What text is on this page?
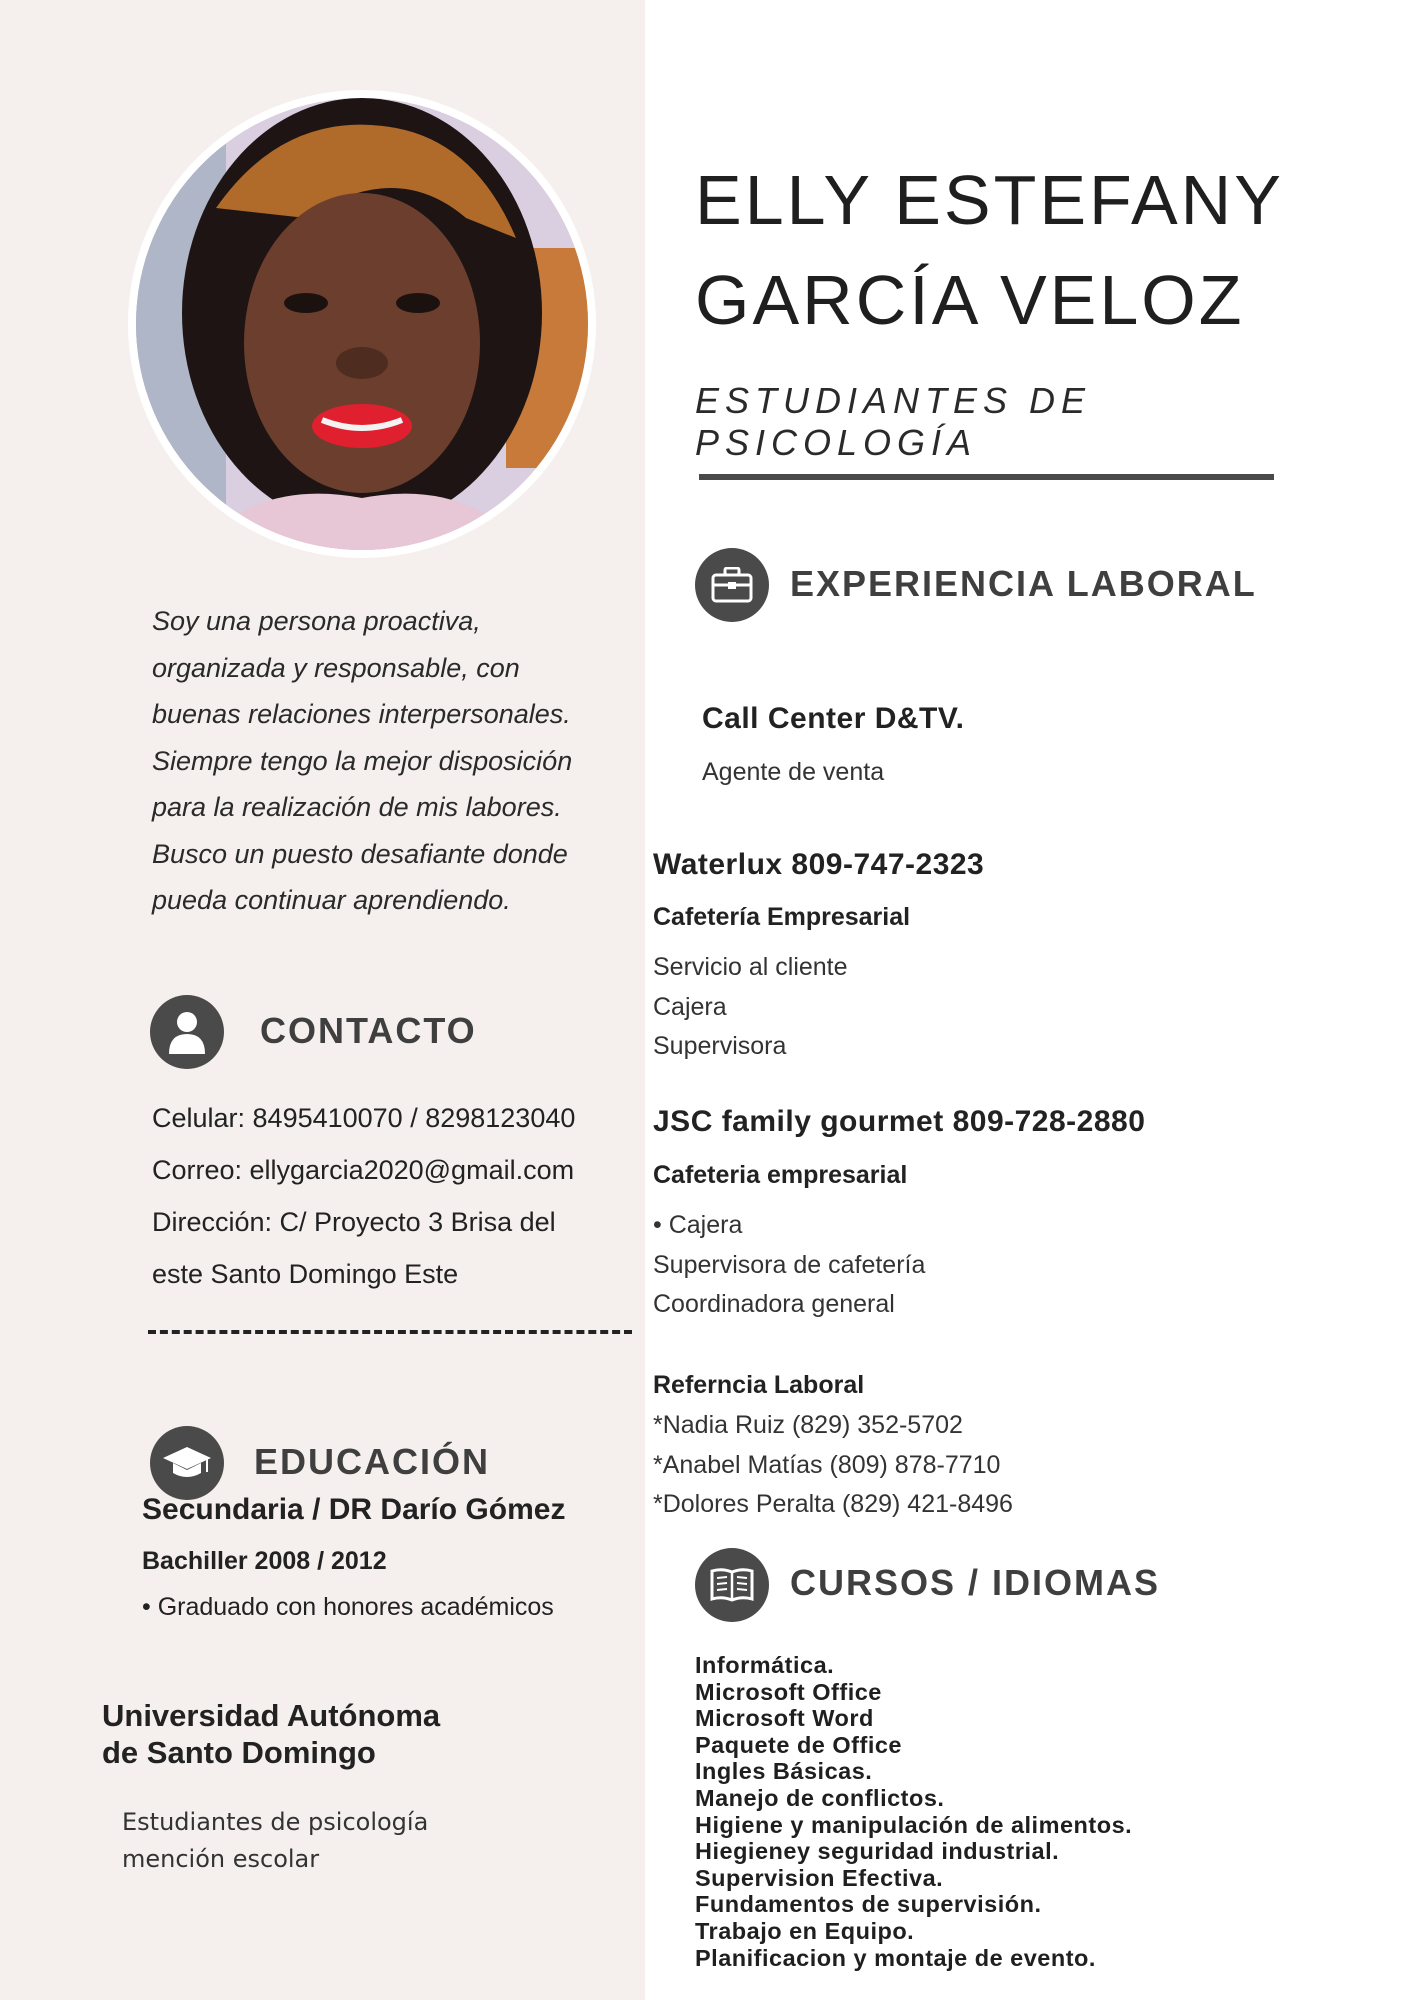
ELLY ESTEFANY
GARCÍA VELOZ
ESTUDIANTES DE
PSICOLOGÍA
Soy una persona proactiva,
organizada y responsable, con
buenas relaciones interpersonales.
Siempre tengo la mejor disposición
para la realización de mis labores.
Busco un puesto desafiante donde
pueda continuar aprendiendo.
CONTACTO
Celular: 8495410070 / 8298123040
Correo: ellygarcia2020@gmail.com
Dirección: C/ Proyecto 3 Brisa del
este Santo Domingo Este
EDUCACIÓN
Secundaria / DR Darío Gómez
Bachiller 2008 / 2012
• Graduado con honores académicos
Universidad Autónoma
de Santo Domingo
Estudiantes de psicología
mención escolar
EXPERIENCIA LABORAL
Call Center D&TV.
Agente de venta
Waterlux 809-747-2323
Cafetería Empresarial
Servicio al cliente
Cajera
Supervisora
JSC family gourmet 809-728-2880
Cafeteria empresarial
• Cajera
Supervisora de cafetería
Coordinadora general
Referncia Laboral
*Nadia Ruiz (829) 352-5702
*Anabel Matías (809) 878-7710
*Dolores Peralta (829) 421-8496
CURSOS / IDIOMAS
Informática.
Microsoft Office
Microsoft Word
Paquete de Office
Ingles Básicas.
Manejo de conflictos.
Higiene y manipulación de alimentos.
Hiegieney seguridad industrial.
Supervision Efectiva.
Fundamentos de supervisión.
Trabajo en Equipo.
Planificacion y montaje de evento.
